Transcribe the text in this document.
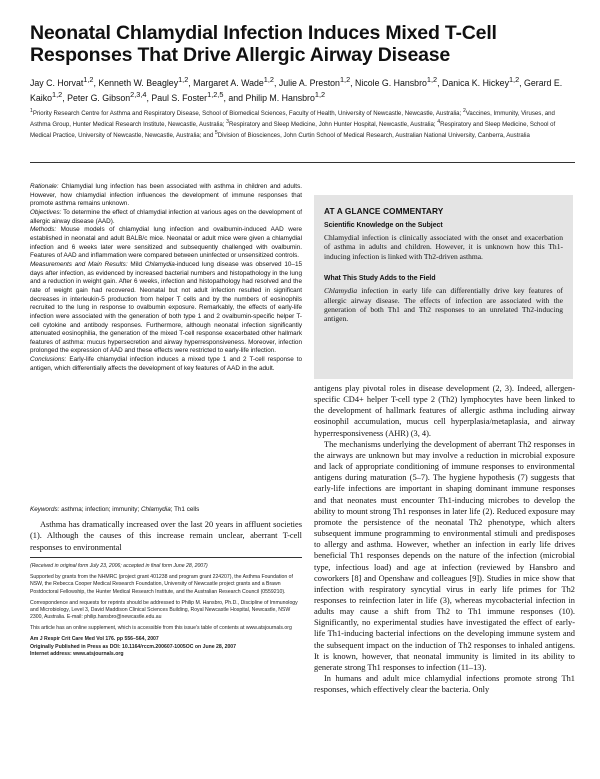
Neonatal Chlamydial Infection Induces Mixed T-Cell Responses That Drive Allergic Airway Disease
Jay C. Horvat$^{1,2}$, Kenneth W. Beagley$^{1,2}$, Margaret A. Wade$^{1,2}$, Julie A. Preston$^{1,2}$, Nicole G. Hansbro$^{1,2}$, Danica K. Hickey$^{1,2}$, Gerard E. Kaiko$^{1,2}$, Peter G. Gibson$^{2,3,4}$, Paul S. Foster$^{1,2,5}$, and Philip M. Hansbro$^{1,2}$
$^1$Priority Research Centre for Asthma and Respiratory Disease, School of Biomedical Sciences, Faculty of Health, University of Newcastle, Newcastle, Australia; $^2$Vaccines, Immunity, Viruses, and Asthma Group, Hunter Medical Research Institute, Newcastle, Australia; $^3$Respiratory and Sleep Medicine, John Hunter Hospital, Newcastle, Australia; $^4$Respiratory and Sleep Medicine, School of Medical Practice, University of Newcastle, Newcastle, Australia; and $^5$Division of Biosciences, John Curtin School of Medical Research, Australian National University, Canberra, Australia

Rationale: Chlamydial lung infection has been associated with asthma in children and adults. However, how chlamydial infection influences the development of immune responses that promote asthma remains unknown.

Objectives: To determine the effect of chlamydial infection at various ages on the development of allergic airway disease (AAD).

Methods: Mouse models of chlamydial lung infection and ovalbumin-induced AAD were established in neonatal and adult BALB/c mice. Neonatal or adult mice were given a chlamydial infection and 6 weeks later were sensitized and subsequently challenged with ovalbumin. Features of AAD and inflammation were compared between uninfected or unsensitized controls.

Measurements and Main Results: Mild Chlamydia-induced lung disease was observed 10–15 days after infection, as evidenced by increased bacterial numbers and histopathology in the lung and a reduction in weight gain. After 6 weeks, infection and histopathology had resolved and the rate of weight gain had recovered. Neonatal but not adult infection resulted in significant decreases in interleukin-5 production from helper T cells and by the numbers of eosinophils recruited to the lung in response to ovalbumin exposure. Remarkably, the effects of early-life infection were associated with the generation of both type 1 and 2 ovalbumin-specific helper T-cell cytokine and antibody responses. Furthermore, although neonatal infection significantly attenuated eosinophilia, the generation of the mixed T-cell response exacerbated other hallmark features of asthma: mucus hypersecretion and airway hyperresponsiveness. Moreover, infection prolonged the expression of AAD and these effects were restricted to early-life infection.

Conclusions: Early-life chlamydial infection induces a mixed type 1 and 2 T-cell response to antigen, which differentially affects the development of key features of AAD in the adult.

Keywords: asthma; infection; immunity; Chlamydia; Th1 cells

Asthma has dramatically increased over the last 20 years in affluent societies (1). Although the causes of this increase remain unclear, aberrant T-cell responses to environmental

(Received in original form July 23, 2006; accepted in final form June 28, 2007)

Supported by grants from the NHMRC (project grant 401238 and program grant 224207), the Asthma Foundation of NSW, the Rebecca Cooper Medical Research Foundation, University of Newcastle project grants and a Brawn Postdoctoral Fellowship, the Hunter Medical Research Institute, and the Australian Research Council (0559210).

Correspondence and requests for reprints should be addressed to Philip M. Hansbro, Ph.D., Discipline of Immunology and Microbiology, Level 3, David Maddison Clinical Sciences Building, Royal Newcastle Hospital, Newcastle, NSW 2300, Australia. E-mail: philip.hansbro@newcastle.edu.au

This article has an online supplement, which is accessible from this issue's table of contents at www.atsjournals.org

Am J Respir Crit Care Med Vol 176. pp 556–564, 2007

Originally Published in Press as DOI: 10.1164/rccm.200607-1005OC on June 28, 2007

Internet address: www.atsjournals.org

AT A GLANCE COMMENTARY
Scientific Knowledge on the Subject
Chlamydial infection is clinically associated with the onset and exacerbation of asthma in adults and children. However, it is unknown how this Th1-inducing infection is linked with Th2-driven asthma.
What This Study Adds to the Field
Chlamydia infection in early life can differentially drive key features of allergic airway disease. The effects of infection are associated with the generation of both Th1 and Th2 responses to an unrelated Th2-inducing antigen.

antigens play pivotal roles in disease development (2, 3). Indeed, allergen-specific CD4+ helper T-cell type 2 (Th2) lymphocytes have been linked to the development of hallmark features of allergic asthma including airway eosinophil accumulation, mucus cell hyperplasia/metaplasia, and airway hyperresponsiveness (AHR) (3, 4).

The mechanisms underlying the development of aberrant Th2 responses in the airways are unknown but may involve a reduction in microbial exposure and lack of appropriate conditioning of immune responses to environmental antigens during maturation (5–7). The hygiene hypothesis (7) suggests that early-life infections are important in shaping dominant immune responses and that neonates must encounter Th1-inducing microbes to develop the ability to mount strong Th1 responses in later life (2). Reduced exposure may promote the persistence of the neonatal Th2 phenotype, which alters subsequent immune programming to environmental stimuli and predisposes to allergy and asthma. However, whether an infection in early life drives beneficial Th1 responses depends on the nature of the infection (microbial type, infectious load) and age at infection (reviewed by Hansbro and coworkers [8] and Openshaw and colleagues [9]). Studies in mice show that infection with respiratory syncytial virus in early life primes for Th2 responses to reinfection later in life (3), whereas mycobacterial infection in adults may cause a shift from Th2 to Th1 immune responses (10). Significantly, no experimental studies have investigated the effect of early-life Th1-inducing bacterial infections on the developing immune system and the subsequent impact on the induction of Th2 responses to inhaled antigens. It is known, however, that neonatal immunity is limited in its ability to generate strong Th1 responses to infection (11–13).

In humans and adult mice chlamydial infections promote strong Th1 responses, which effectively clear the bacteria. Only
